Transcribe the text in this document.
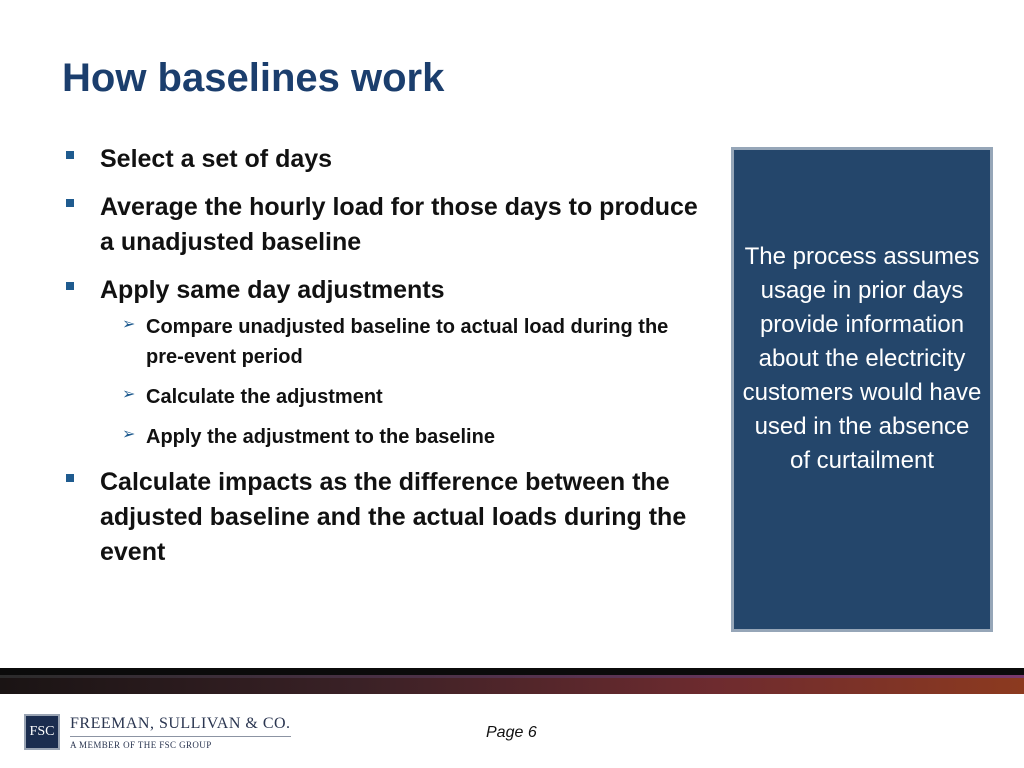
How baselines work
Select a set of days
Average the hourly load for those days to produce a unadjusted baseline
Apply same day adjustments
➢ Compare unadjusted baseline to actual load during the pre-event period
➢ Calculate the adjustment
➢ Apply the adjustment to the baseline
Calculate impacts as the difference between the adjusted baseline and the actual loads during the event
The process assumes usage in prior days provide information about the electricity customers would have used in the absence of curtailment
FSC FREEMAN, SULLIVAN & CO.
A MEMBER OF THE FSC GROUP
Page 6
